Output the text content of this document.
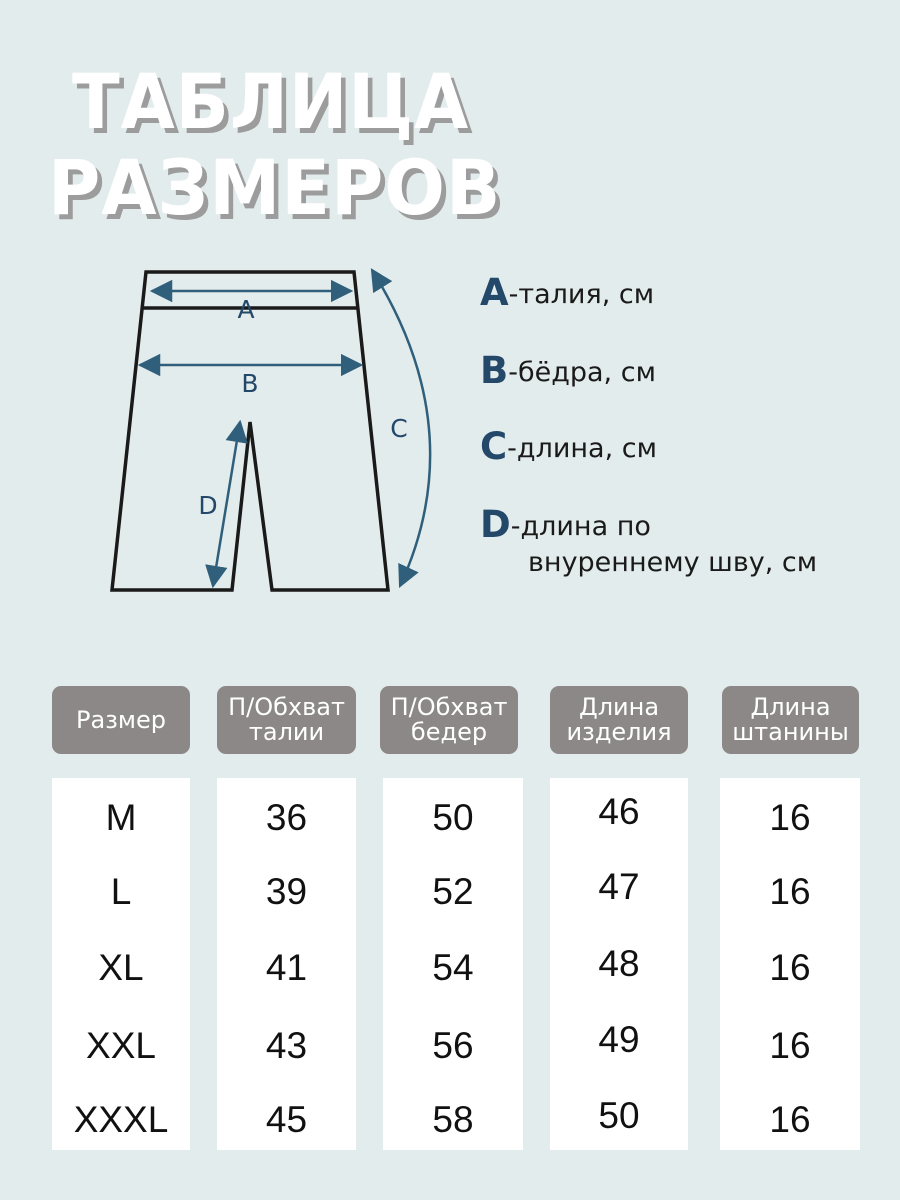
ТАБЛИЦА
РАЗМЕРОВ
A
B
C
D
A-талия, см
B-бёдра, см
C-длина, см
D-длина по
внуреннему шву, см
Размер
M
L
XL
XXL
XXXL
П/Обхват
талии
36
39
41
43
45
П/Обхват
бедер
50
52
54
56
58
Длина
изделия
46
47
48
49
50
Длина
штанины
16
16
16
16
16
